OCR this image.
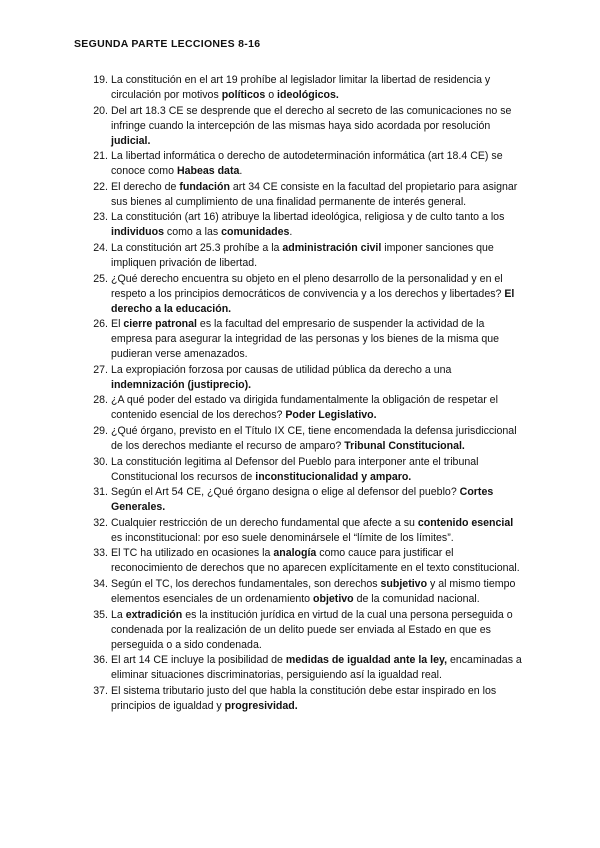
SEGUNDA PARTE LECCIONES 8-16
19. La constitución en el art 19 prohíbe al legislador limitar la libertad de residencia y circulación por motivos políticos o ideológicos.
20. Del art 18.3 CE se desprende que el derecho al secreto de las comunicaciones no se infringe cuando la intercepción de las mismas haya sido acordada por resolución judicial.
21. La libertad informática o derecho de autodeterminación informática (art 18.4 CE) se conoce como Habeas data.
22. El derecho de fundación art 34 CE consiste en la facultad del propietario para asignar sus bienes al cumplimiento de una finalidad permanente de interés general.
23. La constitución (art 16) atribuye la libertad ideológica, religiosa y de culto tanto a los individuos como a las comunidades.
24. La constitución art 25.3 prohíbe a la administración civil imponer sanciones que impliquen privación de libertad.
25. ¿Qué derecho encuentra su objeto en el pleno desarrollo de la personalidad y en el respeto a los principios democráticos de convivencia y a los derechos y libertades? El derecho a la educación.
26. El cierre patronal es la facultad del empresario de suspender la actividad de la empresa para asegurar la integridad de las personas y los bienes de la misma que pudieran verse amenazados.
27. La expropiación forzosa por causas de utilidad pública da derecho a una indemnización (justiprecio).
28. ¿A qué poder del estado va dirigida fundamentalmente la obligación de respetar el contenido esencial de los derechos? Poder Legislativo.
29. ¿Qué órgano, previsto en el Título IX CE, tiene encomendada la defensa jurisdiccional de los derechos mediante el recurso de amparo? Tribunal Constitucional.
30. La constitución legitima al Defensor del Pueblo para interponer ante el tribunal Constitucional los recursos de inconstitucionalidad y amparo.
31. Según el Art 54 CE, ¿Qué órgano designa o elige al defensor del pueblo? Cortes Generales.
32. Cualquier restricción de un derecho fundamental que afecte a su contenido esencial es inconstitucional: por eso suele denominársele el “límite de los límites”.
33. El TC ha utilizado en ocasiones la analogía como cauce para justificar el reconocimiento de derechos que no aparecen explícitamente en el texto constitucional.
34. Según el TC, los derechos fundamentales, son derechos subjetivo y al mismo tiempo elementos esenciales de un ordenamiento objetivo de la comunidad nacional.
35. La extradición es la institución jurídica en virtud de la cual una persona perseguida o condenada por la realización de un delito puede ser enviada al Estado en que es perseguida o a sido condenada.
36. El art 14 CE incluye la posibilidad de medidas de igualdad ante la ley, encaminadas a eliminar situaciones discriminatorias, persiguiendo así la igualdad real.
37. El sistema tributario justo del que habla la constitución debe estar inspirado en los principios de igualdad y progresividad.
